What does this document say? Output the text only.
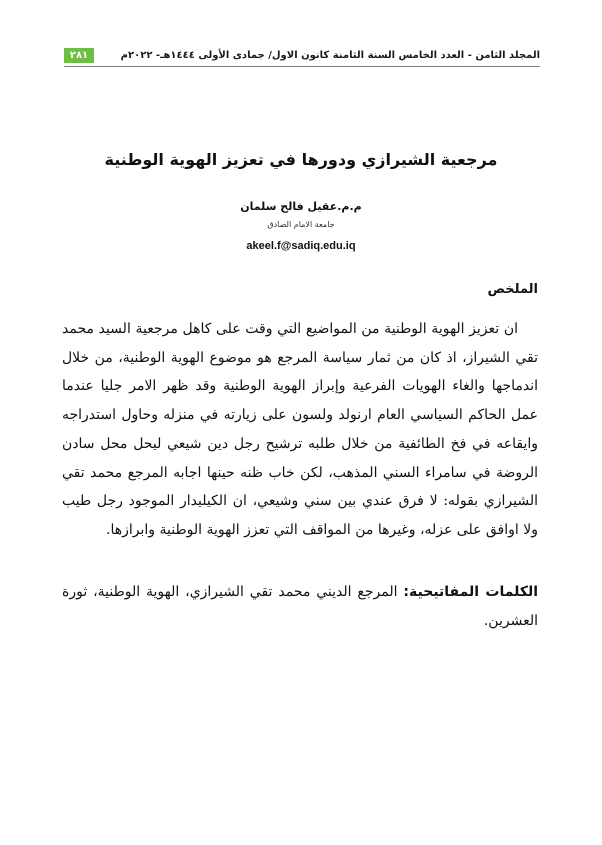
٢٨١	المجلد الثامن - العدد الخامس السنة الثامنة كانون الاول/ جمادى الأولى ١٤٤٤هـ- ٢٠٢٢م
مرجعية الشيرازي ودورها في تعزيز الهوية الوطنية
م.م.عقيل فالح سلمان
جامعة الامام الصادق
akeel.f@sadiq.edu.iq
الملخص

ان تعزيز الهوية الوطنية من المواضيع التي وقت على كاهل مرجعية السيد محمد تقي الشيراز، اذ كان من ثمار سياسة المرجع هو موضوع الهوية الوطنية، من خلال اندماجها والغاء الهويات الفرعية وإبراز الهوية الوطنية وقد ظهر الامر جليا عندما عمل الحاكم السياسي العام ارنولد ولسون على زيارته في منزله وحاول استدراجه وايقاعه في فخ الطائفية من خلال طلبه ترشيح رجل دين شيعي ليحل محل سادن الروضة في سامراء السني المذهب، لكن خاب ظنه حينها اجابه المرجع محمد تقي الشيرازي بقوله: لا فرق عندي بين سني وشيعي، ان الكيليدار الموجود رجل طيب ولا اوافق على عزله، وغيرها من المواقف التي تعزز الهوية الوطنية وابرازها.

الكلمات المفاتيحية: المرجع الديني محمد تقي الشيرازي، الهوية الوطنية، ثورة العشرين.
